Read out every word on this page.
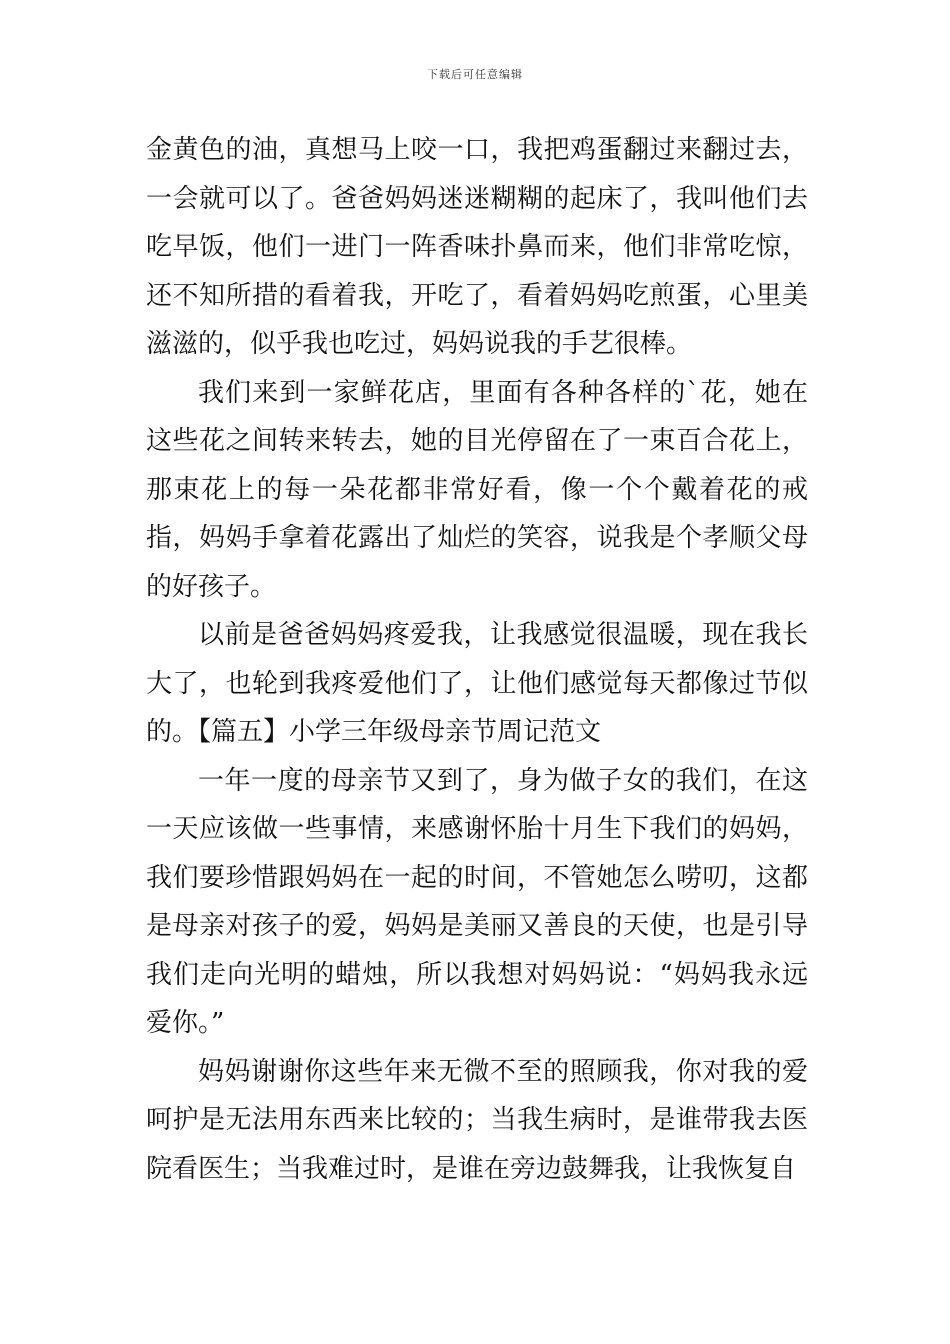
下载后可任意编辑

金黄色的油，真想马上咬一口，我把鸡蛋翻过来翻过去，一会就可以了。爸爸妈妈迷迷糊糊的起床了，我叫他们去吃早饭，他们一进门一阵香味扑鼻而来，他们非常吃惊，还不知所措的看着我，开吃了，看着妈妈吃煎蛋，心里美滋滋的，似乎我也吃过，妈妈说我的手艺很棒。

我们来到一家鲜花店，里面有各种各样的`花，她在这些花之间转来转去，她的目光停留在了一束百合花上，那束花上的每一朵花都非常好看，像一个个戴着花的戒指，妈妈手拿着花露出了灿烂的笑容，说我是个孝顺父母的好孩子。

以前是爸爸妈妈疼爱我，让我感觉很温暖，现在我长大了，也轮到我疼爱他们了，让他们感觉每天都像过节似的。【篇五】小学三年级母亲节周记范文

一年一度的母亲节又到了，身为做子女的我们，在这一天应该做一些事情，来感谢怀胎十月生下我们的妈妈，我们要珍惜跟妈妈在一起的时间，不管她怎么唠叨，这都是母亲对孩子的爱，妈妈是美丽又善良的天使，也是引导我们走向光明的蜡烛，所以我想对妈妈说：“妈妈我永远爱你。”

妈妈谢谢你这些年来无微不至的照顾我，你对我的爱呵护是无法用东西来比较的；当我生病时，是谁带我去医院看医生；当我难过时，是谁在旁边鼓舞我，让我恢复自
